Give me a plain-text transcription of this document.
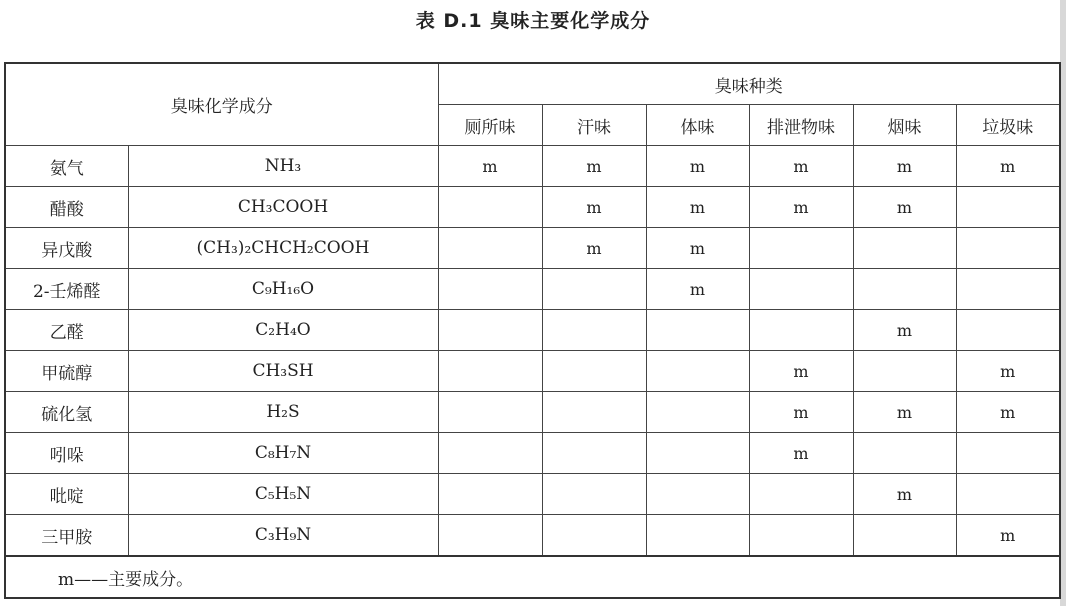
表 D.1 臭味主要化学成分
臭味化学成分		臭味种类					
		厕所味	汗味	体味	排泄物味	烟味	垃圾味
氨气	NH₃	m	m	m	m	m	m
醋酸	CH₃COOH		m	m	m	m	
异戊酸	(CH₃)₂CHCH₂COOH		m	m			
2-壬烯醛	C₉H₁₆O			m			
乙醛	C₂H₄O					m	
甲硫醇	CH₃SH				m		m
硫化氢	H₂S				m	m	m
吲哚	C₈H₇N				m		
吡啶	C₅H₅N					m	
三甲胺	C₃H₉N						m
m——主要成分。							
